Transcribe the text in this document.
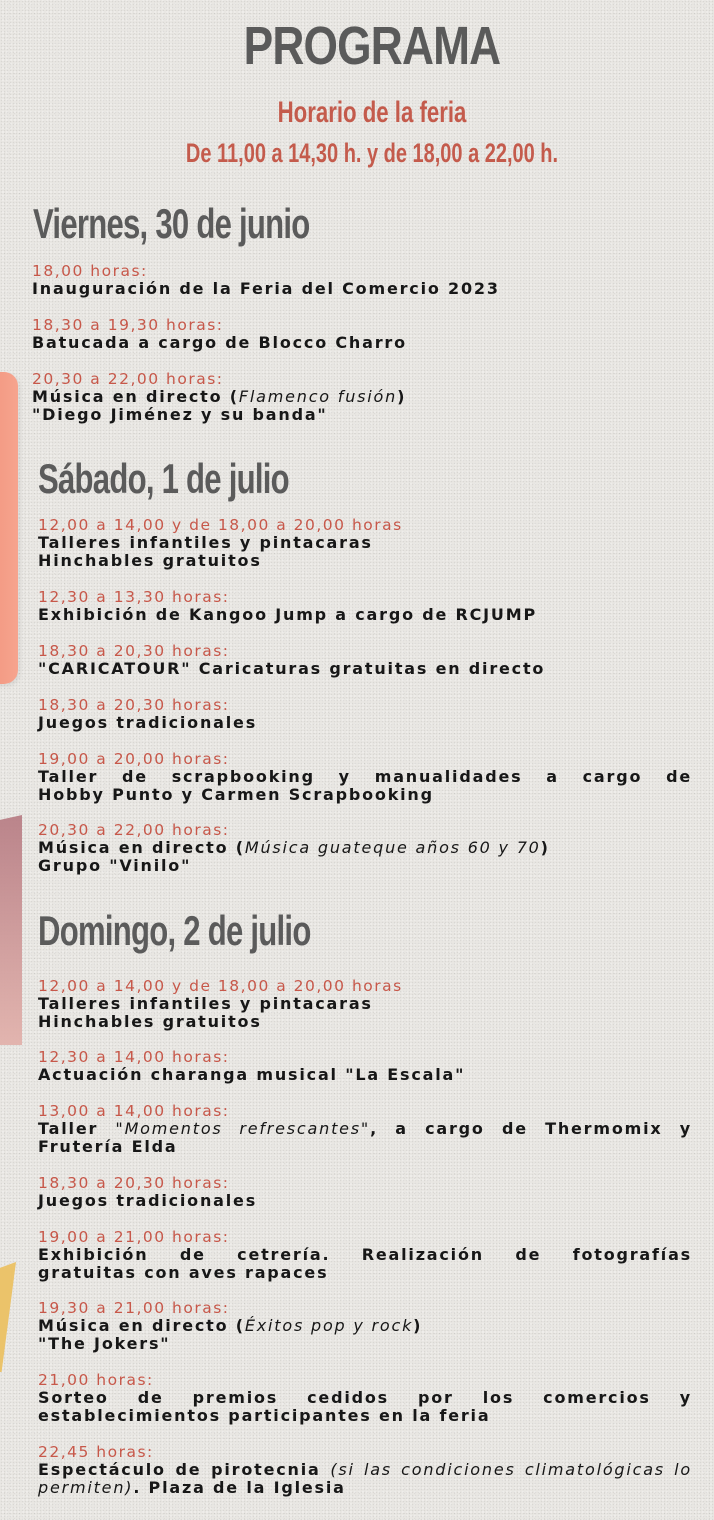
PROGRAMA
Horario de la feria
De 11,00 a 14,30 h. y de 18,00 a 22,00 h.
Viernes, 30 de junio
18,00 horas:
Inauguración de la Feria del Comercio 2023
18,30 a 19,30 horas:
Batucada a cargo de Blocco Charro
20,30 a 22,00 horas:
Música en directo (Flamenco fusión)
"Diego Jiménez y su banda"
Sábado, 1 de julio
12,00 a 14,00 y de 18,00 a 20,00 horas
Talleres infantiles y pintacaras
Hinchables gratuitos
12,30 a 13,30 horas:
Exhibición de Kangoo Jump a cargo de RCJUMP
18,30 a 20,30 horas:
"CARICATOUR" Caricaturas gratuitas en directo
18,30 a 20,30 horas:
Juegos tradicionales
19,00 a 20,00 horas:
Taller de scrapbooking y manualidades a cargo de
Hobby Punto y Carmen Scrapbooking
20,30 a 22,00 horas:
Música en directo (Música guateque años 60 y 70)
Grupo "Vinilo"
Domingo, 2 de julio
12,00 a 14,00 y de 18,00 a 20,00 horas
Talleres infantiles y pintacaras
Hinchables gratuitos
12,30 a 14,00 horas:
Actuación charanga musical "La Escala"
13,00 a 14,00 horas:
Taller "Momentos refrescantes", a cargo de Thermomix y
Frutería Elda
18,30 a 20,30 horas:
Juegos tradicionales
19,00 a 21,00 horas:
Exhibición de cetrería. Realización de fotografías
gratuitas con aves rapaces
19,30 a 21,00 horas:
Música en directo (Éxitos pop y rock)
"The Jokers"
21,00 horas:
Sorteo de premios cedidos por los comercios y
establecimientos participantes en la feria
22,45 horas:
Espectáculo de pirotecnia (si las condiciones climatológicas lo permiten). Plaza de la Iglesia
